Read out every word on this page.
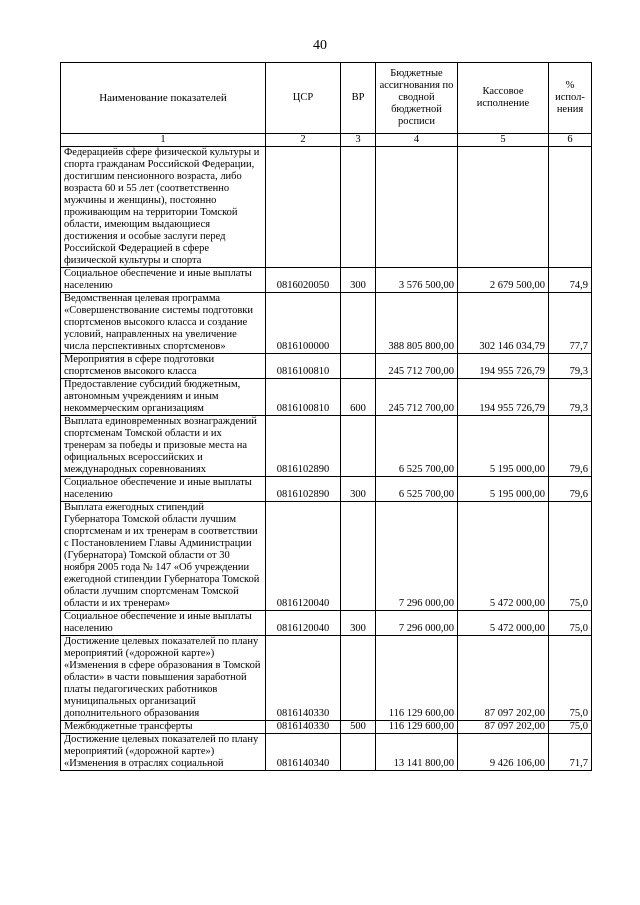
40
Наименование показателей	ЦСР	ВР	Бюджетные ассигнования по сводной бюджетной росписи	Кассовое исполнение	% испол-нения
1	2	3	4	5	6
Федерациейв сфере физической культуры и спорта гражданам Российской Федерации, достигшим пенсионного возраста, либо возраста 60 и 55 лет (соответственно мужчины и женщины), постоянно проживающим на территории Томской области, имеющим выдающиеся достижения и особые заслуги перед Российской Федерацией в сфере физической культуры и спорта					
Социальное обеспечение и иные выплаты населению	0816020050	300	3 576 500,00	2 679 500,00	74,9
Ведомственная целевая программа «Совершенствование системы подготовки спортсменов высокого класса и создание условий, направленных на увеличение числа перспективных спортсменов»	0816100000		388 805 800,00	302 146 034,79	77,7
Мероприятия в сфере подготовки спортсменов высокого класса	0816100810		245 712 700,00	194 955 726,79	79,3
Предоставление субсидий бюджетным, автономным учреждениям и иным некоммерческим организациям	0816100810	600	245 712 700,00	194 955 726,79	79,3
Выплата единовременных вознаграждений спортсменам Томской области и их тренерам за победы и призовые места на официальных всероссийских и международных соревнованиях	0816102890		6 525 700,00	5 195 000,00	79,6
Социальное обеспечение и иные выплаты населению	0816102890	300	6 525 700,00	5 195 000,00	79,6
Выплата ежегодных стипендий Губернатора Томской области лучшим спортсменам и их тренерам в соответствии с Постановлением Главы Администрации (Губернатора) Томской области от 30 ноября 2005 года № 147 «Об учреждении ежегодной стипендии Губернатора Томской области лучшим спортсменам Томской области и их тренерам»	0816120040		7 296 000,00	5 472 000,00	75,0
Социальное обеспечение и иные выплаты населению	0816120040	300	7 296 000,00	5 472 000,00	75,0
Достижение целевых показателей по плану мероприятий («дорожной карте») «Изменения в сфере образования в Томской области» в части повышения заработной платы педагогических работников муниципальных организаций дополнительного образования	0816140330		116 129 600,00	87 097 202,00	75,0
Межбюджетные трансферты	0816140330	500	116 129 600,00	87 097 202,00	75,0
Достижение целевых показателей по плану мероприятий («дорожной карте») «Изменения в отраслях социальной	0816140340		13 141 800,00	9 426 106,00	71,7
